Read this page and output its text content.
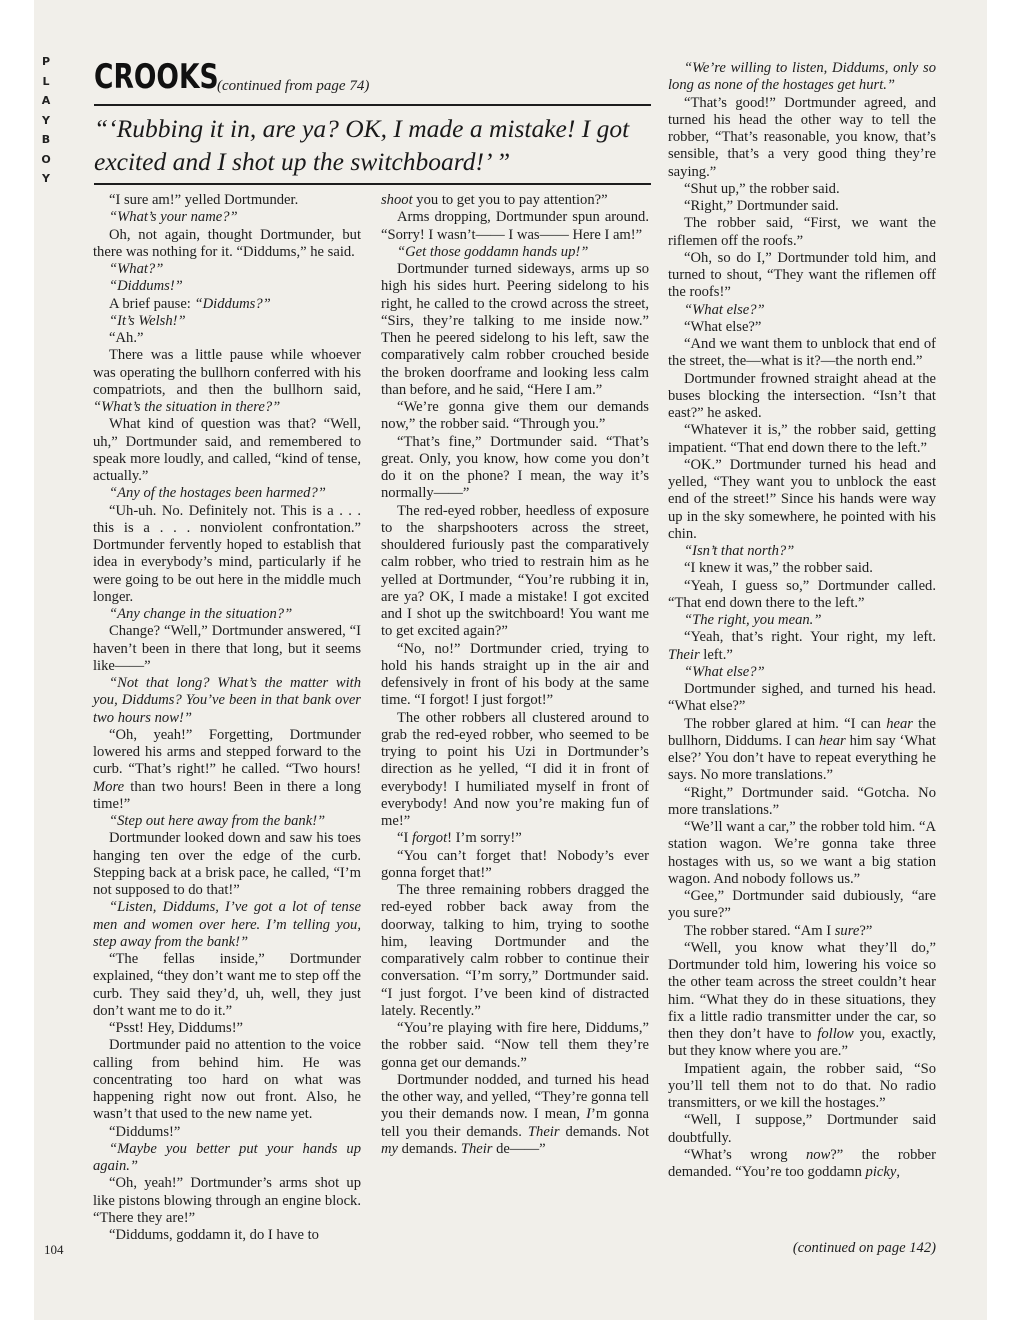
P
L
A
Y
B
O
Y
CROOKS
(continued from page 74)
“‘Rubbing it in, are ya? OK, I made a mistake! I got excited and I shot up the switchboard!’ ”

“I sure am!” yelled Dortmunder.

“What’s your name?”

Oh, not again, thought Dortmunder, but there was nothing for it. “Diddums,” he said.

“What?”

“Diddums!”

A brief pause: “Diddums?”

“It’s Welsh!”

“Ah.”

There was a little pause while whoever was operating the bullhorn conferred with his compatriots, and then the bullhorn said, “What’s the situation in there?”

What kind of question was that? “Well, uh,” Dortmunder said, and remembered to speak more loudly, and called, “kind of tense, actually.”

“Any of the hostages been harmed?”

“Uh-uh. No. Definitely not. This is a . . . this is a . . . nonviolent confrontation.” Dortmunder fervently hoped to establish that idea in everybody’s mind, particularly if he were going to be out here in the middle much longer.

“Any change in the situation?”

Change? “Well,” Dortmunder answered, “I haven’t been in there that long, but it seems like——”

“Not that long? What’s the matter with you, Diddums? You’ve been in that bank over two hours now!”

“Oh, yeah!” Forgetting, Dortmunder lowered his arms and stepped forward to the curb. “That’s right!” he called. “Two hours! More than two hours! Been in there a long time!”

“Step out here away from the bank!”

Dortmunder looked down and saw his toes hanging ten over the edge of the curb. Stepping back at a brisk pace, he called, “I’m not supposed to do that!”

“Listen, Diddums, I’ve got a lot of tense men and women over here. I’m telling you, step away from the bank!”

“The fellas inside,” Dortmunder explained, “they don’t want me to step off the curb. They said they’d, uh, well, they just don’t want me to do it.”

“Psst! Hey, Diddums!”

Dortmunder paid no attention to the voice calling from behind him. He was concentrating too hard on what was happening right now out front. Also, he wasn’t that used to the new name yet.

“Diddums!”

“Maybe you better put your hands up again.”

“Oh, yeah!” Dortmunder’s arms shot up like pistons blowing through an engine block. “There they are!”

“Diddums, goddamn it, do I have to

shoot you to get you to pay attention?”

Arms dropping, Dortmunder spun around. “Sorry! I wasn’t—— I was—— Here I am!”

“Get those goddamn hands up!”

Dortmunder turned sideways, arms up so high his sides hurt. Peering sidelong to his right, he called to the crowd across the street, “Sirs, they’re talking to me inside now.” Then he peered sidelong to his left, saw the comparatively calm robber crouched beside the broken doorframe and looking less calm than before, and he said, “Here I am.”

“We’re gonna give them our demands now,” the robber said. “Through you.”

“That’s fine,” Dortmunder said. “That’s great. Only, you know, how come you don’t do it on the phone? I mean, the way it’s normally——”

The red-eyed robber, heedless of exposure to the sharpshooters across the street, shouldered furiously past the comparatively calm robber, who tried to restrain him as he yelled at Dortmunder, “You’re rubbing it in, are ya? OK, I made a mistake! I got excited and I shot up the switchboard! You want me to get excited again?”

“No, no!” Dortmunder cried, trying to hold his hands straight up in the air and defensively in front of his body at the same time. “I forgot! I just forgot!”

The other robbers all clustered around to grab the red-eyed robber, who seemed to be trying to point his Uzi in Dortmunder’s direction as he yelled, “I did it in front of everybody! I humiliated myself in front of everybody! And now you’re making fun of me!”

“I forgot! I’m sorry!”

“You can’t forget that! Nobody’s ever gonna forget that!”

The three remaining robbers dragged the red-eyed robber back away from the doorway, talking to him, trying to soothe him, leaving Dortmunder and the comparatively calm robber to continue their conversation. “I’m sorry,” Dortmunder said. “I just forgot. I’ve been kind of distracted lately. Recently.”

“You’re playing with fire here, Diddums,” the robber said. “Now tell them they’re gonna get our demands.”

Dortmunder nodded, and turned his head the other way, and yelled, “They’re gonna tell you their demands now. I mean, I’m gonna tell you their demands. Their demands. Not my demands. Their de——”

“We’re willing to listen, Diddums, only so long as none of the hostages get hurt.”

“That’s good!” Dortmunder agreed, and turned his head the other way to tell the robber, “That’s reasonable, you know, that’s sensible, that’s a very good thing they’re saying.”

“Shut up,” the robber said.

“Right,” Dortmunder said.

The robber said, “First, we want the riflemen off the roofs.”

“Oh, so do I,” Dortmunder told him, and turned to shout, “They want the riflemen off the roofs!”

“What else?”

“What else?”

“And we want them to unblock that end of the street, the—what is it?—the north end.”

Dortmunder frowned straight ahead at the buses blocking the intersection. “Isn’t that east?” he asked.

“Whatever it is,” the robber said, getting impatient. “That end down there to the left.”

“OK.” Dortmunder turned his head and yelled, “They want you to unblock the east end of the street!” Since his hands were way up in the sky somewhere, he pointed with his chin.

“Isn’t that north?”

“I knew it was,” the robber said.

“Yeah, I guess so,” Dortmunder called. “That end down there to the left.”

“The right, you mean.”

“Yeah, that’s right. Your right, my left. Their left.”

“What else?”

Dortmunder sighed, and turned his head. “What else?”

The robber glared at him. “I can hear the bullhorn, Diddums. I can hear him say ‘What else?’ You don’t have to repeat everything he says. No more translations.”

“Right,” Dortmunder said. “Gotcha. No more translations.”

“We’ll want a car,” the robber told him. “A station wagon. We’re gonna take three hostages with us, so we want a big station wagon. And nobody follows us.”

“Gee,” Dortmunder said dubiously, “are you sure?”

The robber stared. “Am I sure?”

“Well, you know what they’ll do,” Dortmunder told him, lowering his voice so the other team across the street couldn’t hear him. “What they do in these situations, they fix a little radio transmitter under the car, so then they don’t have to follow you, exactly, but they know where you are.”

Impatient again, the robber said, “So you’ll tell them not to do that. No radio transmitters, or we kill the hostages.”

“Well, I suppose,” Dortmunder said doubtfully.

“What’s wrong now?” the robber demanded. “You’re too goddamn picky,

(continued on page 142)
104
